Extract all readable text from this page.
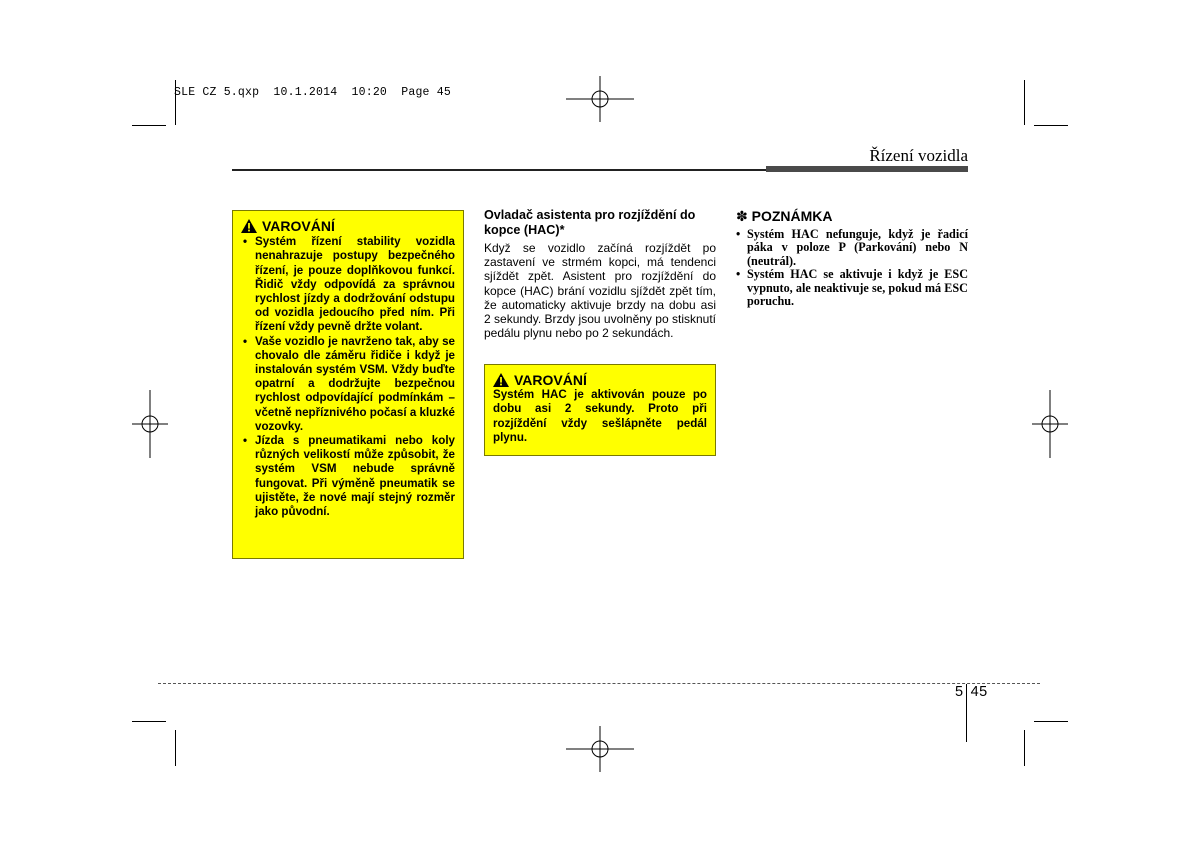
SLE CZ 5.qxp  10.1.2014  10:20  Page 45
Řízení vozidla
VAROVÁNÍ
• Systém řízení stability vozidla nenahrazuje postupy bezpečného řízení, je pouze doplňkovou funkcí. Řidič vždy odpovídá za správnou rychlost jízdy a dodržování odstupu od vozidla jedoucího před ním. Při řízení vždy pevně držte volant.
• Vaše vozidlo je navrženo tak, aby se chovalo dle záměru řidiče i když je instalován systém VSM. Vždy buďte opatrní a dodržujte bezpečnou rychlost odpovídající podmínkám – včetně nepříznivého počasí a kluzké vozovky.
• Jízda s pneumatikami nebo koly různých velikostí může způsobit, že systém VSM nebude správně fungovat. Při výměně pneumatik se ujistěte, že nové mají stejný rozměr jako původní.
Ovladač asistenta pro rozjíždění do kopce (HAC)*
Když se vozidlo začíná rozjíždět po zastavení ve strmém kopci, má tendenci sjíždět zpět. Asistent pro rozjíždění do kopce (HAC) brání vozidlu sjíždět zpět tím, že automaticky aktivuje brzdy na dobu asi 2 sekundy. Brzdy jsou uvolněny po stisknutí pedálu plynu nebo po 2 sekundách.
VAROVÁNÍ
Systém HAC je aktivován pouze po dobu asi 2 sekundy. Proto při rozjíždění vždy sešlápněte pedál plynu.
✽ POZNÁMKA
• Systém HAC nefunguje, když je řadicí páka v poloze P (Parkování) nebo N (neutrál).
• Systém HAC se aktivuje i když je ESC vypnuto, ale neaktivuje se, pokud má ESC poruchu.
5 45
